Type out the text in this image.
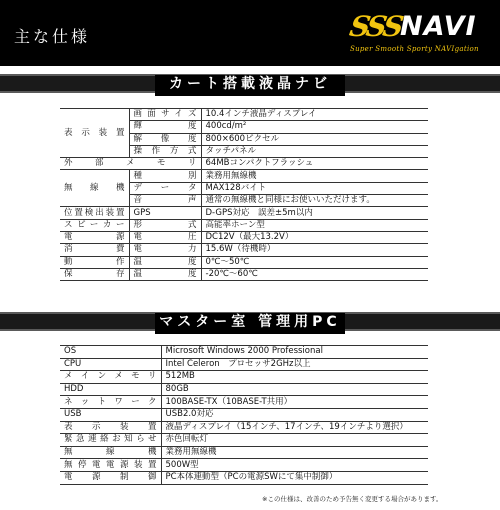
主な仕様	SSS
NAVI
Super Smooth Sporty NAVIgation
カート搭載液晶ナビ
表示装置	画面サイズ	10.4インチ液晶ディスプレイ
	輝度	400cd/m²
	解像度	800×600ピクセル
	操作方式	タッチパネル
外部メモリ		64MBコンパクトフラッシュ
無線機	種別	業務用無線機
	データ	MAX128バイト
	音声	通常の無線機と同様にお使いいただけます。
位置検出装置	GPS	D-GPS対応　誤差±5m以内
スピーカー	形式	高能率ホーン型
電源	電圧	DC12V（最大13.2V）
消費	電力	15.6W（待機時）
動作	温度	0℃〜50℃
保存	温度	-20℃〜60℃
マスター室 管理用PC
OS	Microsoft Windows 2000 Professional
CPU	Intel Celeron　プロセッサ2GHz以上
メインメモリ	512MB
HDD	80GB
ネットワーク	100BASE-TX（10BASE-T共用）
USB	USB2.0対応
表示装置	液晶ディスプレイ（15インチ、17インチ、19インチより選択）
緊急連絡お知らせ	赤色回転灯
無線機	業務用無線機
無停電電源装置	500W型
電源制御	PC本体連動型（PCの電源SWにて集中制御）
※この仕様は、改善のため予告無く変更する場合があります。
